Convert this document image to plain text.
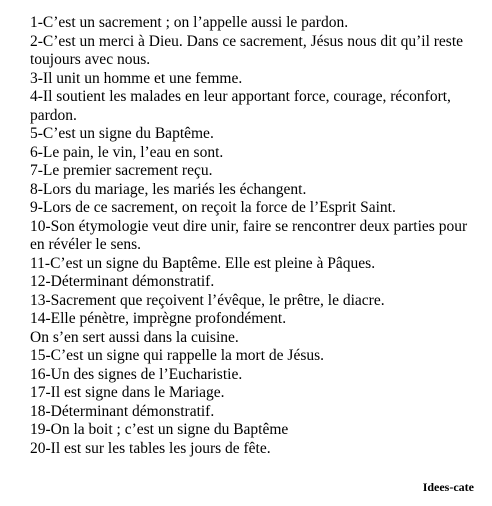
1-C’est un sacrement ; on l’appelle aussi le pardon.

2-C’est un merci à Dieu. Dans ce sacrement, Jésus nous dit qu’il reste toujours avec nous.

3-Il unit un homme et une femme.

4-Il soutient les malades en leur apportant force, courage, réconfort, pardon.

5-C’est un signe du Baptême.

6-Le pain, le vin, l’eau en sont.

7-Le premier sacrement reçu.

8-Lors du mariage, les mariés les échangent.

9-Lors de ce sacrement, on reçoit la force de l’Esprit Saint.

10-Son étymologie veut dire unir, faire se rencontrer deux parties pour en révéler le sens.

11-C’est un signe du Baptême. Elle est pleine à Pâques.

12-Déterminant démonstratif.

13-Sacrement que reçoivent l’évêque, le prêtre, le diacre.

14-Elle pénètre, imprègne profondément.

On s’en sert aussi dans la cuisine.

15-C’est un signe qui rappelle la mort de Jésus.

16-Un des signes de l’Eucharistie.

17-Il est signe dans le Mariage.

18-Déterminant démonstratif.

19-On la boit ; c’est un signe du Baptême

20-Il est sur les tables les jours de fête.

Idees-cate
